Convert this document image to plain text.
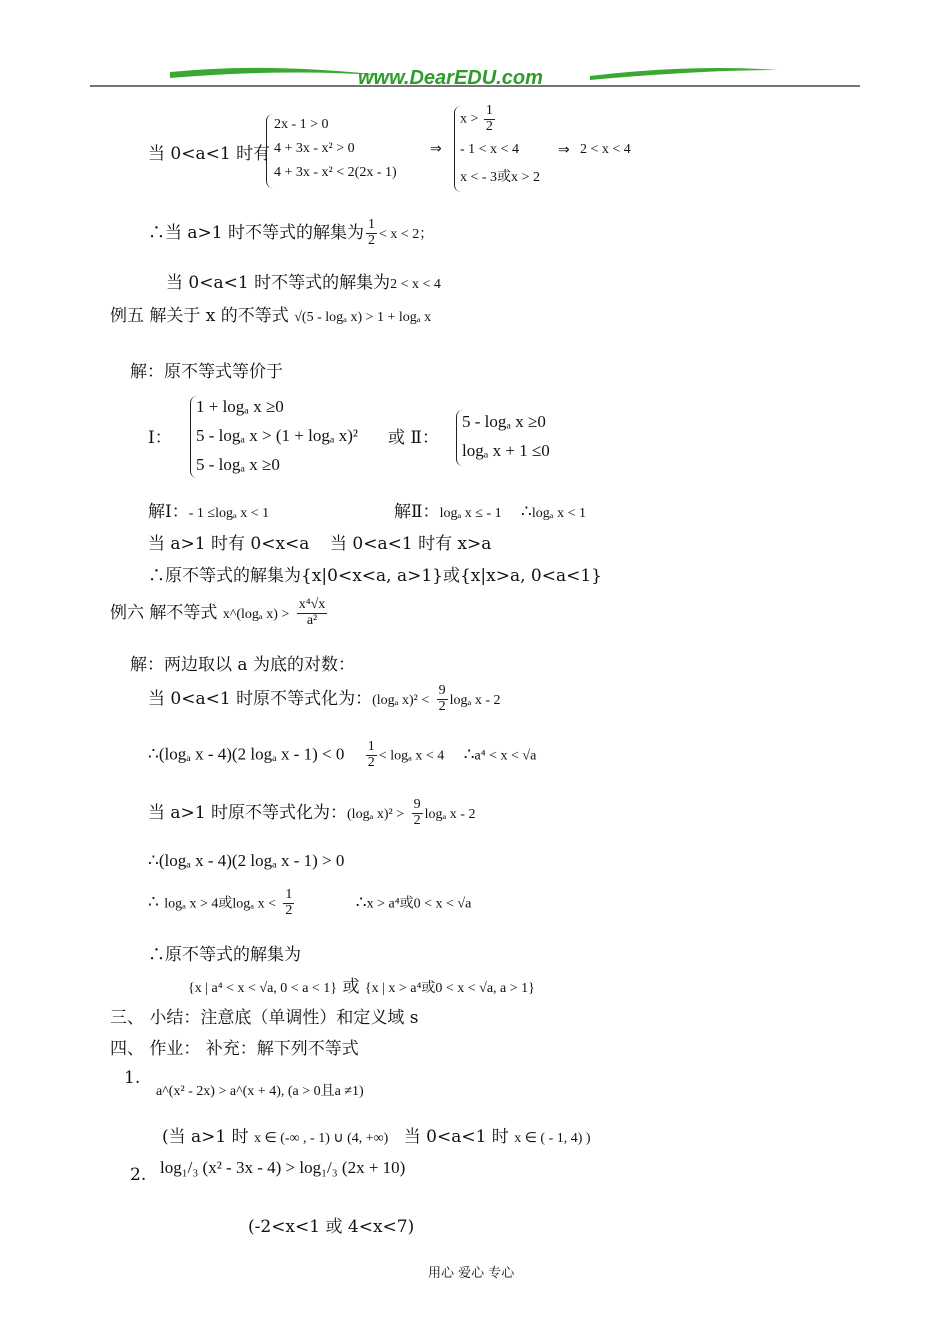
www.DearEDU.com
当 0<a<1 时有
2x - 1 > 0
4 + 3x - x² > 0
4 + 3x - x² < 2(2x - 1)
⇒
$x > \frac{1}{2}$
- 1 < x < 4
x < - 3或x > 2
⇒ 2 < x < 4
∴当 a>1 时不等式的解集为 $\frac{1}{2} < x < 2$；
当 0<a<1 时不等式的解集为2 < x < 4
例五 解关于 x 的不等式 √(5 - logₐ x) > 1 + logₐ x
解：原不等式等价于
Ⅰ：
1 + logₐ x ≥0
5 - logₐ x > (1 + logₐ x)²
5 - logₐ x ≥0
或 Ⅱ：
5 - logₐ x ≥0
logₐ x + 1 ≤0
解Ⅰ：- 1 ≤logₐ x < 1	解Ⅱ：logₐ x ≤ - 1 ∴logₐ x < 1
当 a>1 时有 0<x<a 当 0<a<1 时有 x>a
∴原不等式的解集为{x|0<x<a, a>1}或{x|x>a, 0<a<1}
例六 解不等式 x^(logₐ $x) > \frac{\text{x⁴√x}}{\text{a²}}$
解：两边取以 a 为底的对数：
当 0<a<1 时原不等式化为：(logₐ $x)^2 < \frac{9}{2}$ logₐ x - 2
∴(logₐ x - 4)(2 logₐ $x - 1) < 0 \frac{1}{2} < \log_a$ x < 4 ∴a⁴ < x < √a
当 a>1 时原不等式化为：(logₐ $x)^2 > \frac{9}{2}$ logₐ x - 2
∴(logₐ x - 4)(2 logₐ x - 1) > 0
∴ logₐ x > 4或logₐ $x < \frac{1}{2}$	∴x > a⁴或0 < x < √a
∴原不等式的解集为
{x | a⁴ < x < √a, 0 < a < 1} 或 {x | x > a⁴或0 < x < √a, a > 1}
三、 小结：注意底（单调性）和定义域 s
四、 作业： 补充：解下列不等式
1.
a^(x² - 2x) > a^(x + 4), (a > 0且a ≠1)
(当 a>1 时 x ∈ (-∞ , - 1) ∪ (4, +∞) 当 0<a<1 时 x ∈ ( - 1, 4) )
2. log₁/₃ (x² - 3x - 4) > log₁/₃ (2x + 10)
(-2<x<1 或 4<x<7)
用心 爱心 专心
